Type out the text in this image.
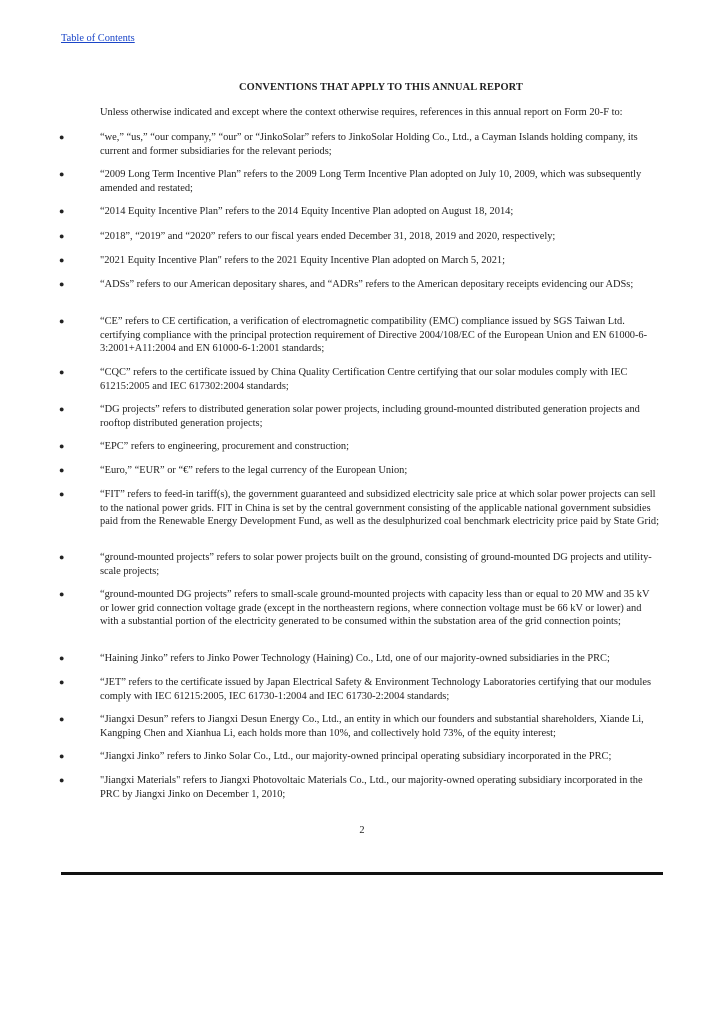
Table of Contents
CONVENTIONS THAT APPLY TO THIS ANNUAL REPORT
Unless otherwise indicated and except where the context otherwise requires, references in this annual report on Form 20-F to:
●	“we,” “us,” “our company,” “our” or “JinkoSolar” refers to JinkoSolar Holding Co., Ltd., a Cayman Islands holding company, its current and former subsidiaries for the relevant periods;
●	“2009 Long Term Incentive Plan” refers to the 2009 Long Term Incentive Plan adopted on July 10, 2009, which was subsequently amended and restated;
●	“2014 Equity Incentive Plan” refers to the 2014 Equity Incentive Plan adopted on August 18, 2014;
●	“2018”, “2019” and “2020” refers to our fiscal years ended December 31, 2018, 2019 and 2020, respectively;
●	"2021 Equity Incentive Plan" refers to the 2021 Equity Incentive Plan adopted on March 5, 2021;
●	“ADSs” refers to our American depositary shares, and “ADRs” refers to the American depositary receipts evidencing our ADSs;
●	“CE” refers to CE certification, a verification of electromagnetic compatibility (EMC) compliance issued by SGS Taiwan Ltd. certifying compliance with the principal protection requirement of Directive 2004/108/EC of the European Union and EN 61000-6-3:2001+A11:2004 and EN 61000-6-1:2001 standards;
●	“CQC” refers to the certificate issued by China Quality Certification Centre certifying that our solar modules comply with IEC 61215:2005 and IEC 617302:2004 standards;
●	“DG projects” refers to distributed generation solar power projects, including ground-mounted distributed generation projects and rooftop distributed generation projects;
●	“EPC” refers to engineering, procurement and construction;
●	“Euro,” “EUR” or “€” refers to the legal currency of the European Union;
●	“FIT” refers to feed-in tariff(s), the government guaranteed and subsidized electricity sale price at which solar power projects can sell to the national power grids. FIT in China is set by the central government consisting of the applicable national government subsidies paid from the Renewable Energy Development Fund, as well as the desulphurized coal benchmark electricity price paid by State Grid;
●	“ground-mounted projects” refers to solar power projects built on the ground, consisting of ground-mounted DG projects and utility-scale projects;
●	“ground-mounted DG projects” refers to small-scale ground-mounted projects with capacity less than or equal to 20 MW and 35 kV or lower grid connection voltage grade (except in the northeastern regions, where connection voltage must be 66 kV or lower) and with a substantial portion of the electricity generated to be consumed within the substation area of the grid connection points;
●	“Haining Jinko” refers to Jinko Power Technology (Haining) Co., Ltd, one of our majority-owned subsidiaries in the PRC;
●	“JET” refers to the certificate issued by Japan Electrical Safety & Environment Technology Laboratories certifying that our modules comply with IEC 61215:2005, IEC 61730-1:2004 and IEC 61730-2:2004 standards;
●	“Jiangxi Desun” refers to Jiangxi Desun Energy Co., Ltd., an entity in which our founders and substantial shareholders, Xiande Li, Kangping Chen and Xianhua Li, each holds more than 10%, and collectively hold 73%, of the equity interest;
●	“Jiangxi Jinko” refers to Jinko Solar Co., Ltd., our majority-owned principal operating subsidiary incorporated in the PRC;
●	"Jiangxi Materials" refers to Jiangxi Photovoltaic Materials Co., Ltd., our majority-owned operating subsidiary incorporated in the PRC by Jiangxi Jinko on December 1, 2010;
2
